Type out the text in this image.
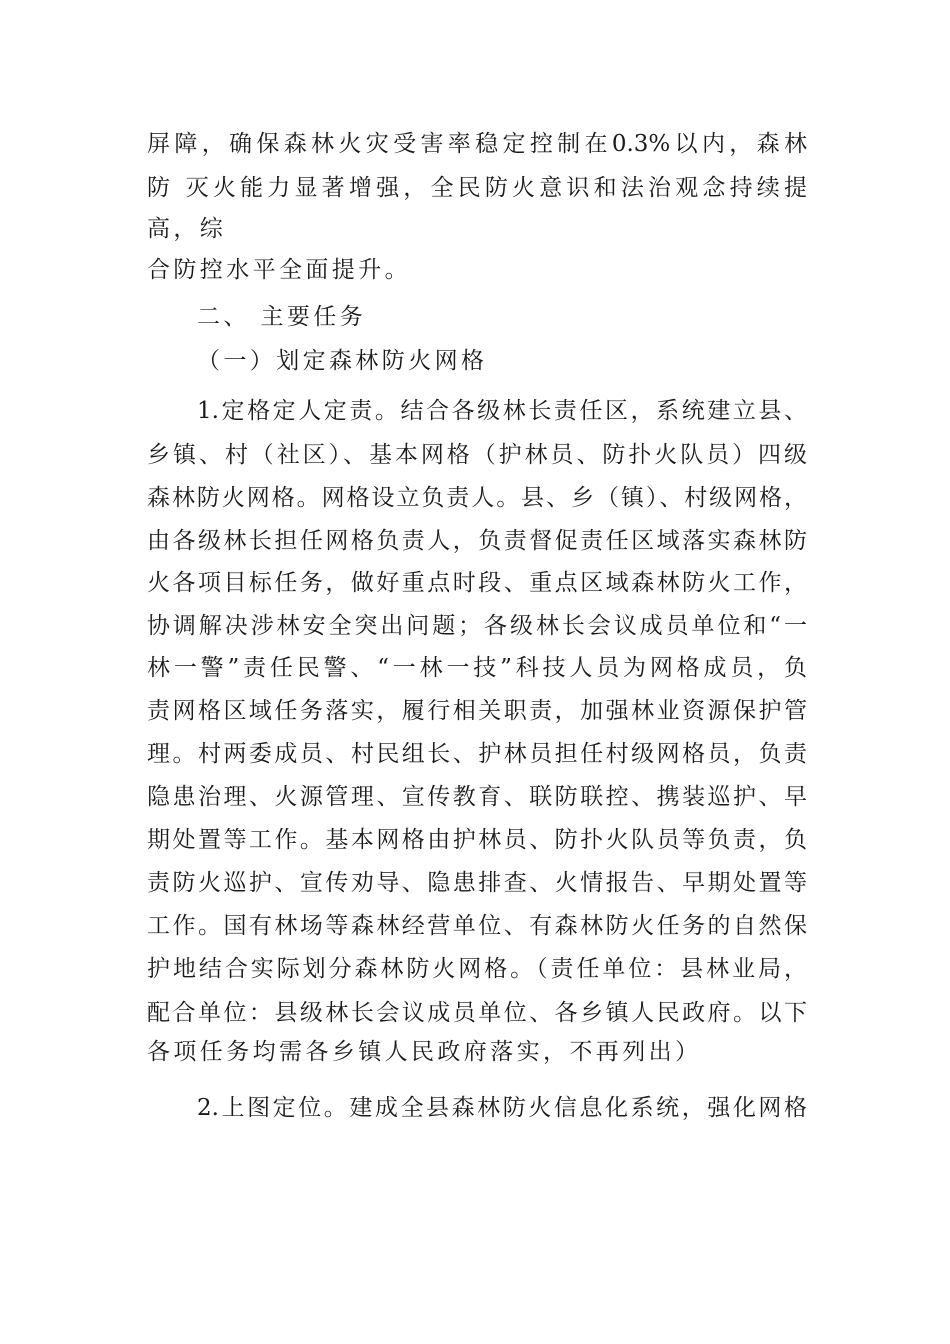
屏障，确保森林火灾受害率稳定控制在0.3%以内，森林
防 灭火能力显著增强，全民防火意识和法治观念持续提
高，综
合防控水平全面提升。
二、 主要任务
（一）划定森林防火网格
1.定格定人定责。结合各级林长责任区，系统建立县、
乡镇、村（社区）、基本网格（护林员、防扑火队员）四级
森林防火网格。网格设立负责人。县、乡（镇）、村级网格，
由各级林长担任网格负责人，负责督促责任区域落实森林防
火各项目标任务，做好重点时段、重点区域森林防火工作，
协调解决涉林安全突出问题；各级林长会议成员单位和“一
林一警”责任民警、“一林一技”科技人员为网格成员，负
责网格区域任务落实，履行相关职责，加强林业资源保护管
理。村两委成员、村民组长、护林员担任村级网格员，负责
隐患治理、火源管理、宣传教育、联防联控、携装巡护、早
期处置等工作。基本网格由护林员、防扑火队员等负责，负
责防火巡护、宣传劝导、隐患排查、火情报告、早期处置等
工作。国有林场等森林经营单位、有森林防火任务的自然保
护地结合实际划分森林防火网格。（责任单位：县林业局，
配合单位：县级林长会议成员单位、各乡镇人民政府。以下
各项任务均需各乡镇人民政府落实，不再列出）
2.上图定位。建成全县森林防火信息化系统，强化网格
